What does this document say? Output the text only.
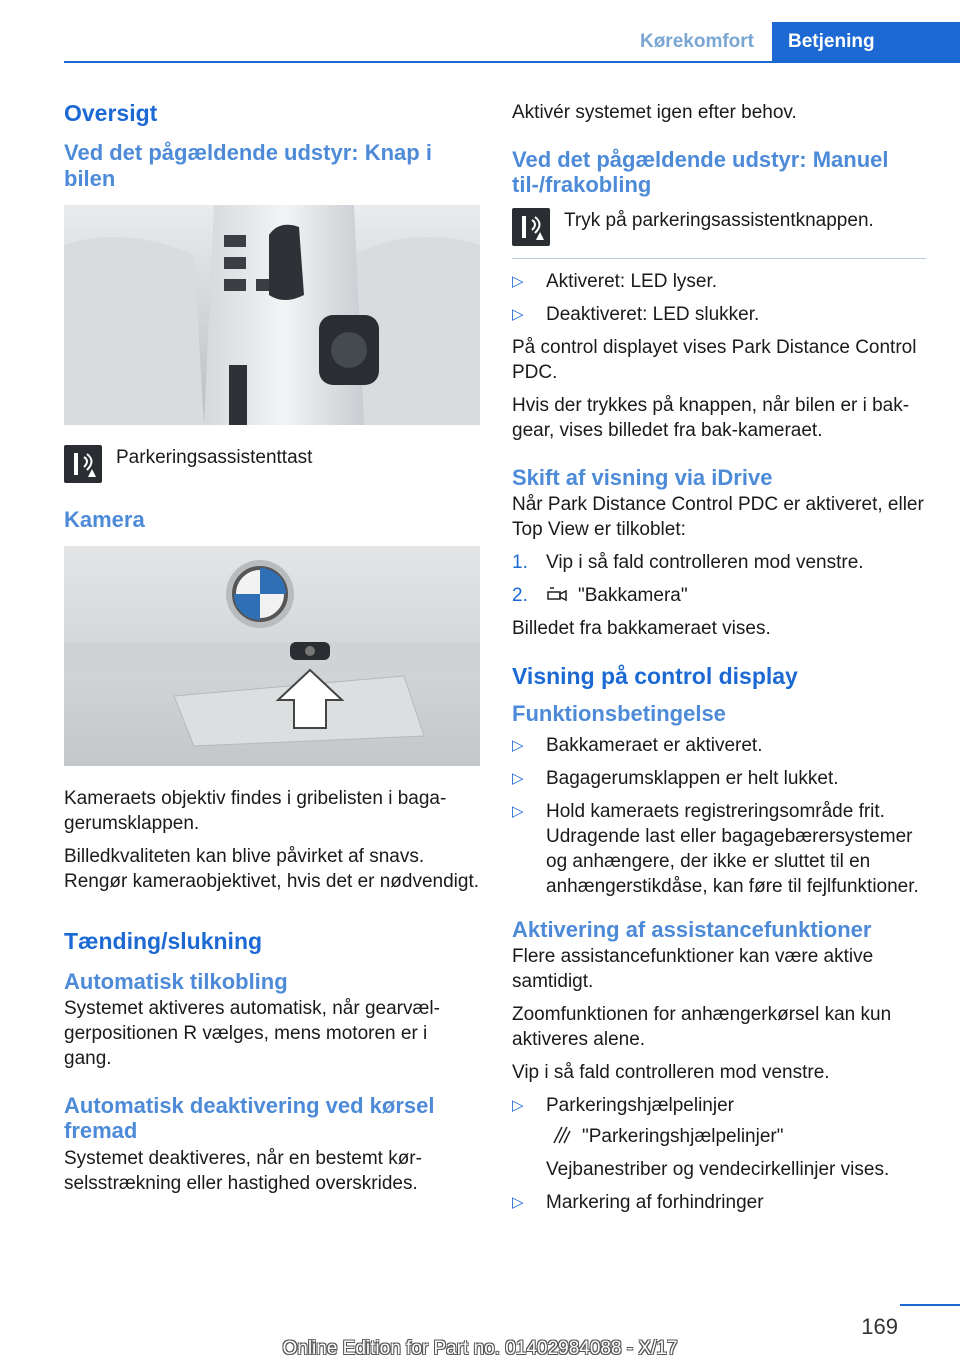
Kørekomfort	Betjening
Oversigt
Ved det pågældende udstyr: Knap i bilen
Parkeringsassistenttast
Kamera
Kameraets objektiv findes i gribelisten i bagagerumsklappen.
Billedkvaliteten kan blive påvirket af snavs. Rengør kameraobjektivet, hvis det er nødvendigt.
Tænding/slukning
Automatisk tilkobling
Systemet aktiveres automatisk, når gearvælgerpositionen R vælges, mens motoren er i gang.
Automatisk deaktivering ved kørsel fremad
Systemet deaktiveres, når en bestemt kørselsstrækning eller hastighed overskrides.
Aktivér systemet igen efter behov.
Ved det pågældende udstyr: Manuel til-/frakobling
Tryk på parkeringsassistentknappen.
▷ Aktiveret: LED lyser.
▷ Deaktiveret: LED slukker.
På control displayet vises Park Distance Control PDC.
Hvis der trykkes på knappen, når bilen er i bakgear, vises billedet fra bak-kameraet.
Skift af visning via iDrive
Når Park Distance Control PDC er aktiveret, eller Top View er tilkoblet:
1. Vip i så fald controlleren mod venstre.
2.	"Bakkamera"
Billedet fra bakkameraet vises.
Visning på control display
Funktionsbetingelse
▷ Bakkameraet er aktiveret.
▷ Bagagerumsklappen er helt lukket.
▷ Hold kameraets registreringsområde frit. Udragende last eller bagagebærersystemer og anhængere, der ikke er sluttet til en anhængerstikdåse, kan føre til fejlfunktioner.
Aktivering af assistancefunktioner
Flere assistancefunktioner kan være aktive samtidigt.
Zoomfunktionen for anhængerkørsel kan kun aktiveres alene.
Vip i så fald controlleren mod venstre.
▷ Parkeringshjælpelinjer
"Parkeringshjælpelinjer"
Vejbanestriber og vendecirkellinjer vises.
▷ Markering af forhindringer
169
Online Edition for Part no. 01402984088 - X/17
